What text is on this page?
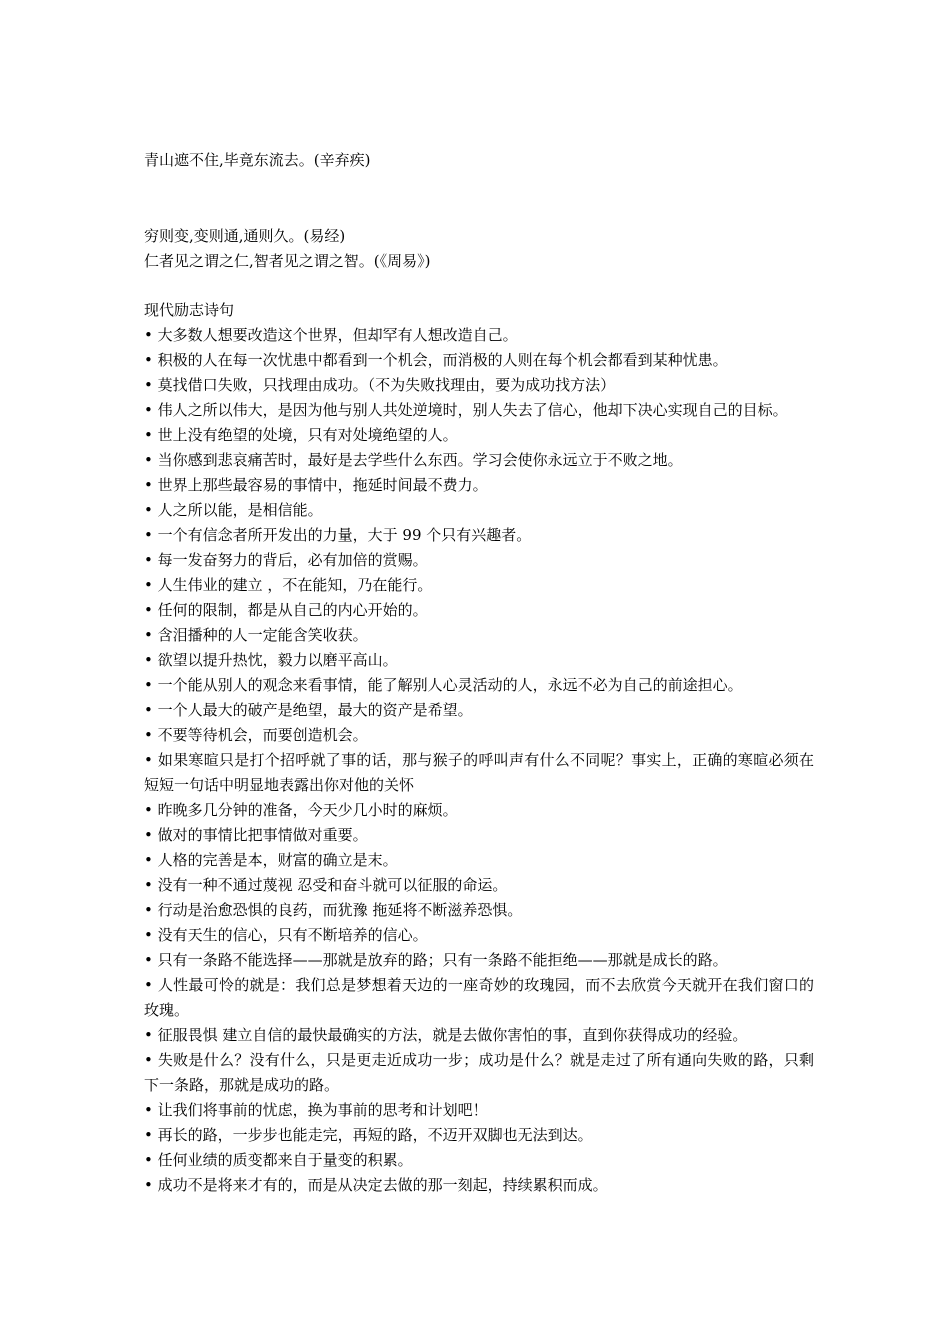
青山遮不住,毕竟东流去。(辛弃疾)
穷则变,变则通,通则久。(易经)
仁者见之谓之仁,智者见之谓之智。(《周易》)
现代励志诗句

• 大多数人想要改造这个世界，但却罕有人想改造自己。

• 积极的人在每一次忧患中都看到一个机会，而消极的人则在每个机会都看到某种忧患。

• 莫找借口失败，只找理由成功。（不为失败找理由，要为成功找方法）

• 伟人之所以伟大，是因为他与别人共处逆境时，别人失去了信心，他却下决心实现自己的目标。

• 世上没有绝望的处境，只有对处境绝望的人。

• 当你感到悲哀痛苦时，最好是去学些什么东西。学习会使你永远立于不败之地。

• 世界上那些最容易的事情中，拖延时间最不费力。

• 人之所以能，是相信能。

• 一个有信念者所开发出的力量，大于 99 个只有兴趣者。

• 每一发奋努力的背后，必有加倍的赏赐。

• 人生伟业的建立 ，不在能知，乃在能行。

• 任何的限制，都是从自己的内心开始的。

• 含泪播种的人一定能含笑收获。

• 欲望以提升热忱，毅力以磨平高山。

• 一个能从别人的观念来看事情，能了解别人心灵活动的人，永远不必为自己的前途担心。

• 一个人最大的破产是绝望，最大的资产是希望。

• 不要等待机会，而要创造机会。

• 如果寒暄只是打个招呼就了事的话，那与猴子的呼叫声有什么不同呢？事实上，正确的寒暄必须在短短一句话中明显地表露出你对他的关怀

• 昨晚多几分钟的准备，今天少几小时的麻烦。

• 做对的事情比把事情做对重要。

• 人格的完善是本，财富的确立是末。

• 没有一种不通过蔑视 忍受和奋斗就可以征服的命运。

• 行动是治愈恐惧的良药，而犹豫 拖延将不断滋养恐惧。

• 没有天生的信心，只有不断培养的信心。

• 只有一条路不能选择——那就是放弃的路；只有一条路不能拒绝——那就是成长的路。

• 人性最可怜的就是：我们总是梦想着天边的一座奇妙的玫瑰园，而不去欣赏今天就开在我们窗口的玫瑰。

• 征服畏惧 建立自信的最快最确实的方法，就是去做你害怕的事，直到你获得成功的经验。

• 失败是什么？没有什么，只是更走近成功一步；成功是什么？就是走过了所有通向失败的路，只剩下一条路，那就是成功的路。

• 让我们将事前的忧虑，换为事前的思考和计划吧！

• 再长的路，一步步也能走完，再短的路，不迈开双脚也无法到达。

• 任何业绩的质变都来自于量变的积累。

• 成功不是将来才有的，而是从决定去做的那一刻起，持续累积而成。
